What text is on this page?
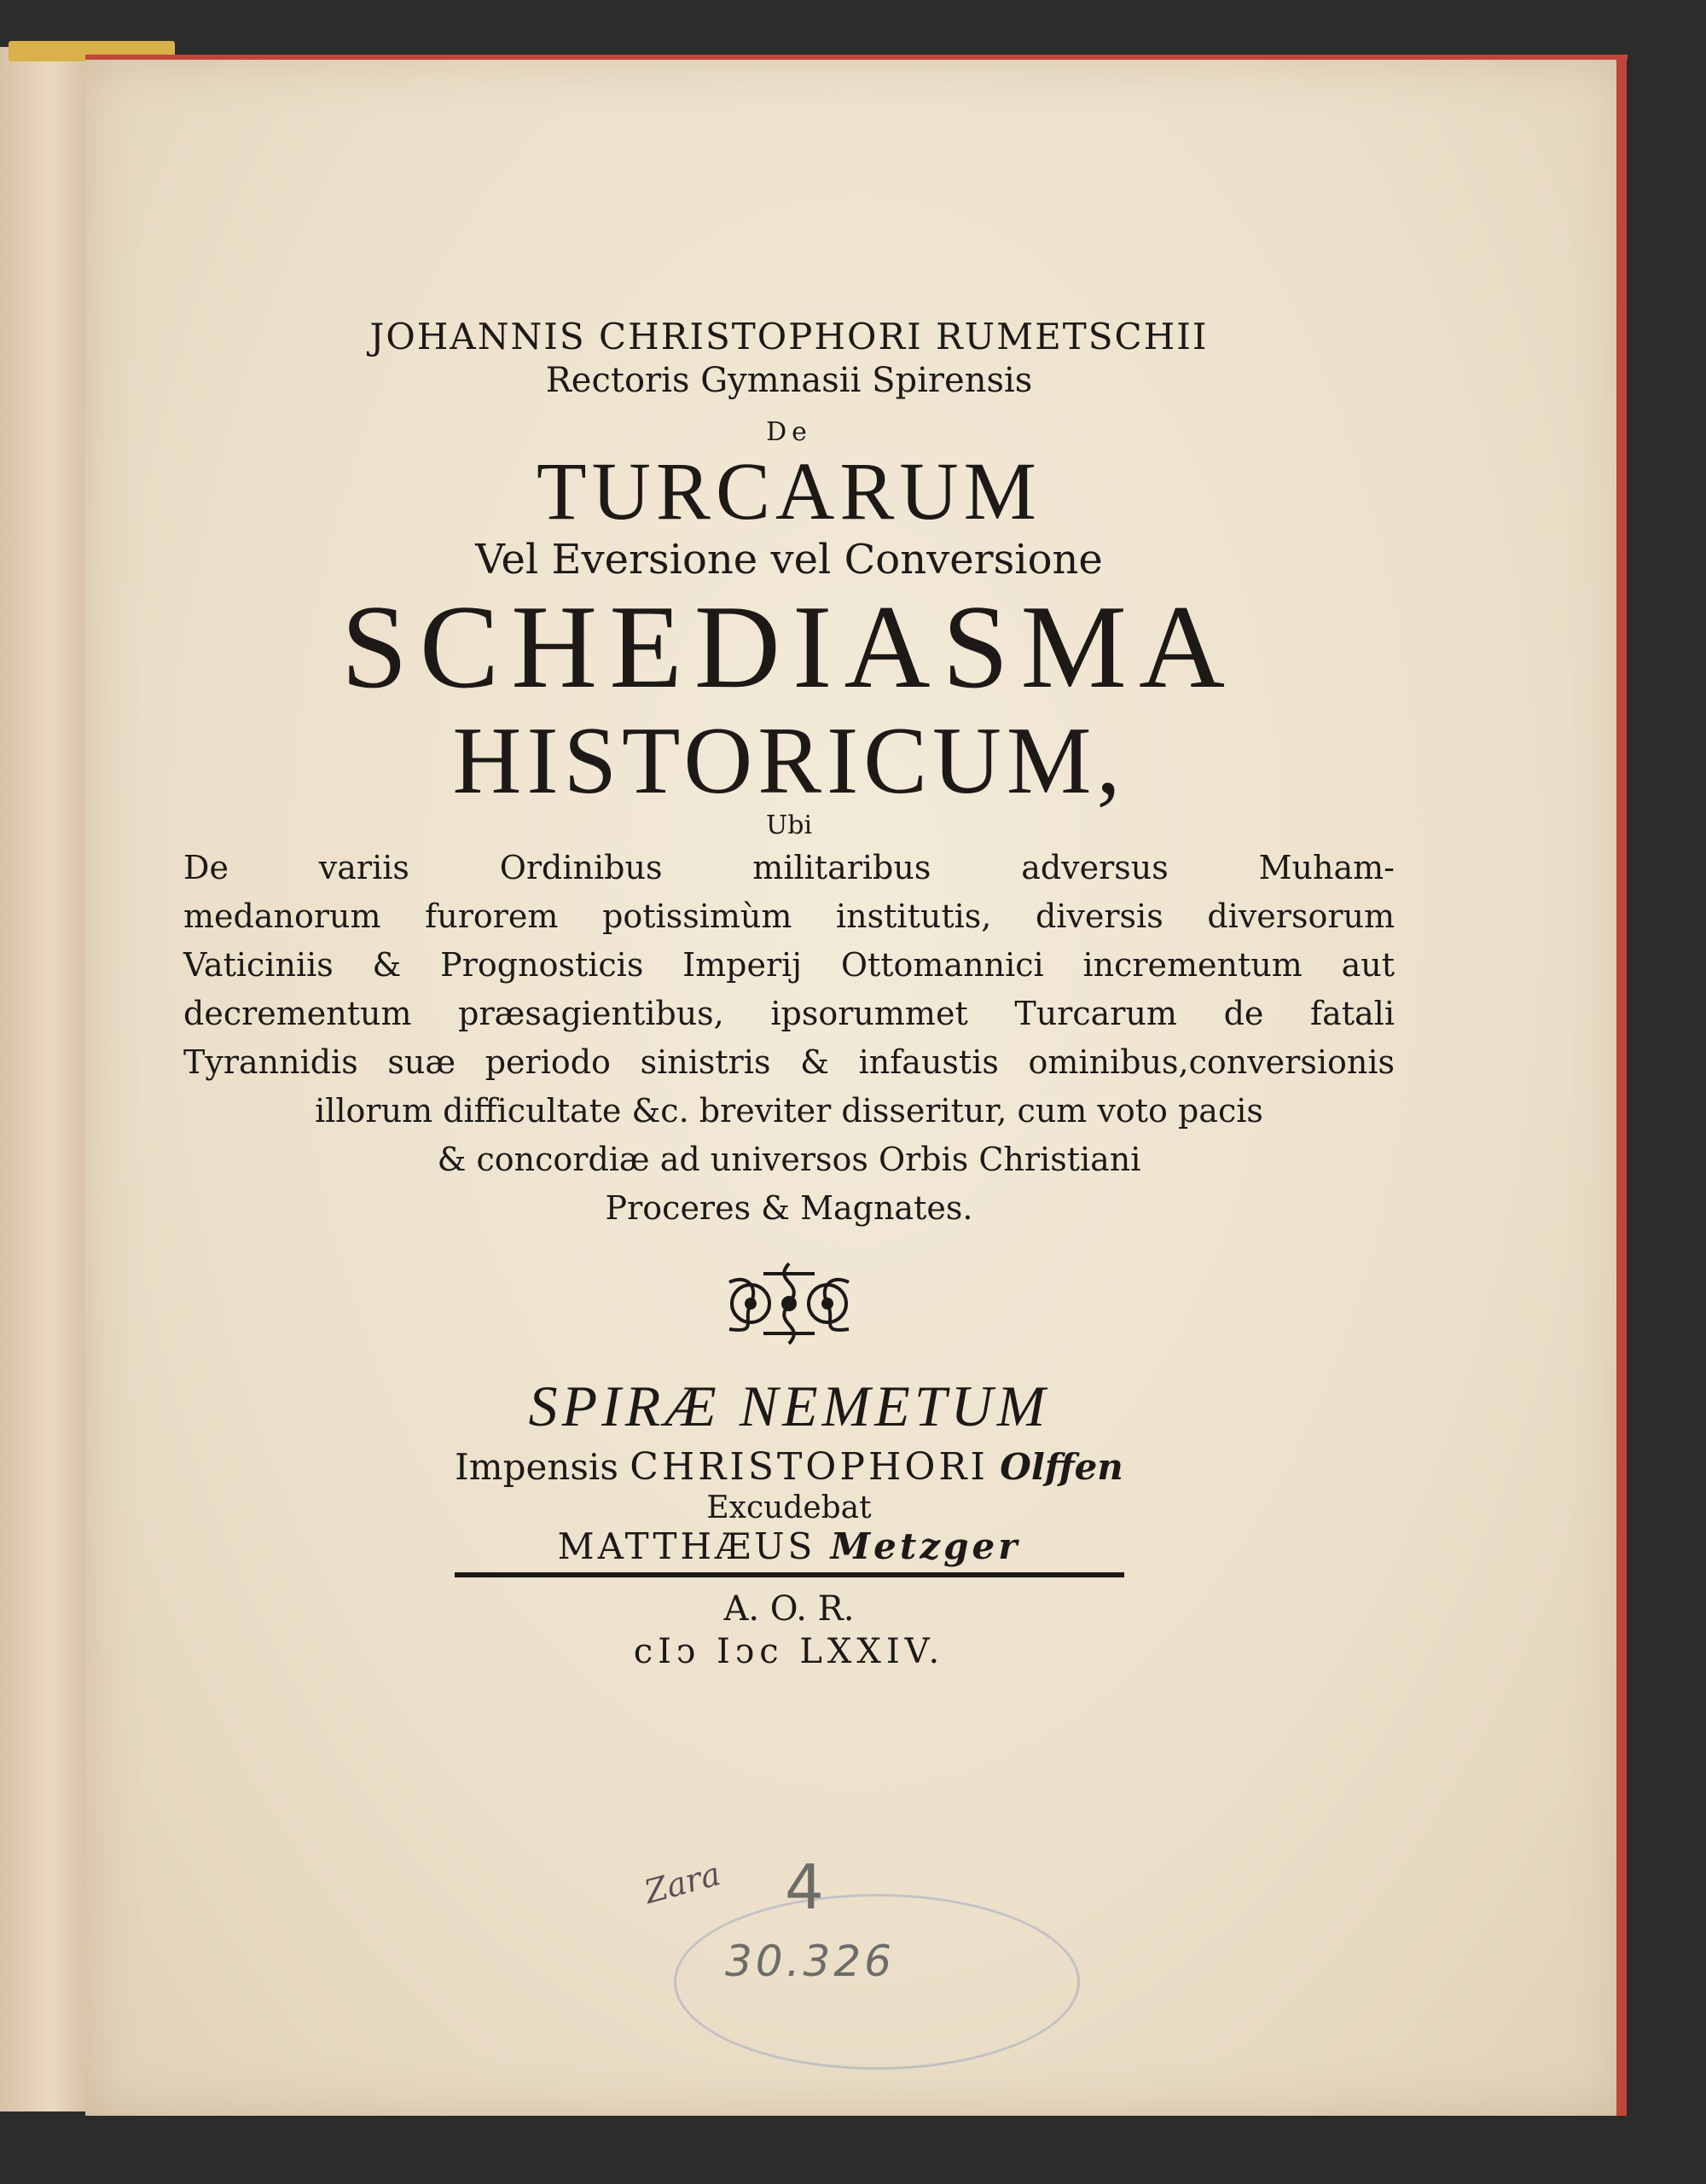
JOHANNIS CHRISTOPHORI RUMETSCHII
Rectoris Gymnasii Spirensis
De
TURCARUM
Vel Eversione vel Conversione
SCHEDIASMA
HISTORICUM,
Ubi
De variis Ordinibus militaribus adversus Muham-
medanorum furorem potissimùm institutis, diversis diversorum
Vaticiniis & Prognosticis Imperij Ottomannici incrementum aut
decrementum præsagientibus, ipsorummet Turcarum de fatali
Tyrannidis suæ periodo sinistris & infaustis ominibus,conversionis
illorum difficultate &c. breviter disseritur, cum voto pacis
& concordiæ ad universos Orbis Christiani
Proceres & Magnates.
SPIRÆ NEMETUM
Impensis CHRISTOPHORI Olffen
Excudebat
MATTHÆUS Metzger
A. O. R.
cIↄ Iↄc LXXIV.
Zara 4
30.326
